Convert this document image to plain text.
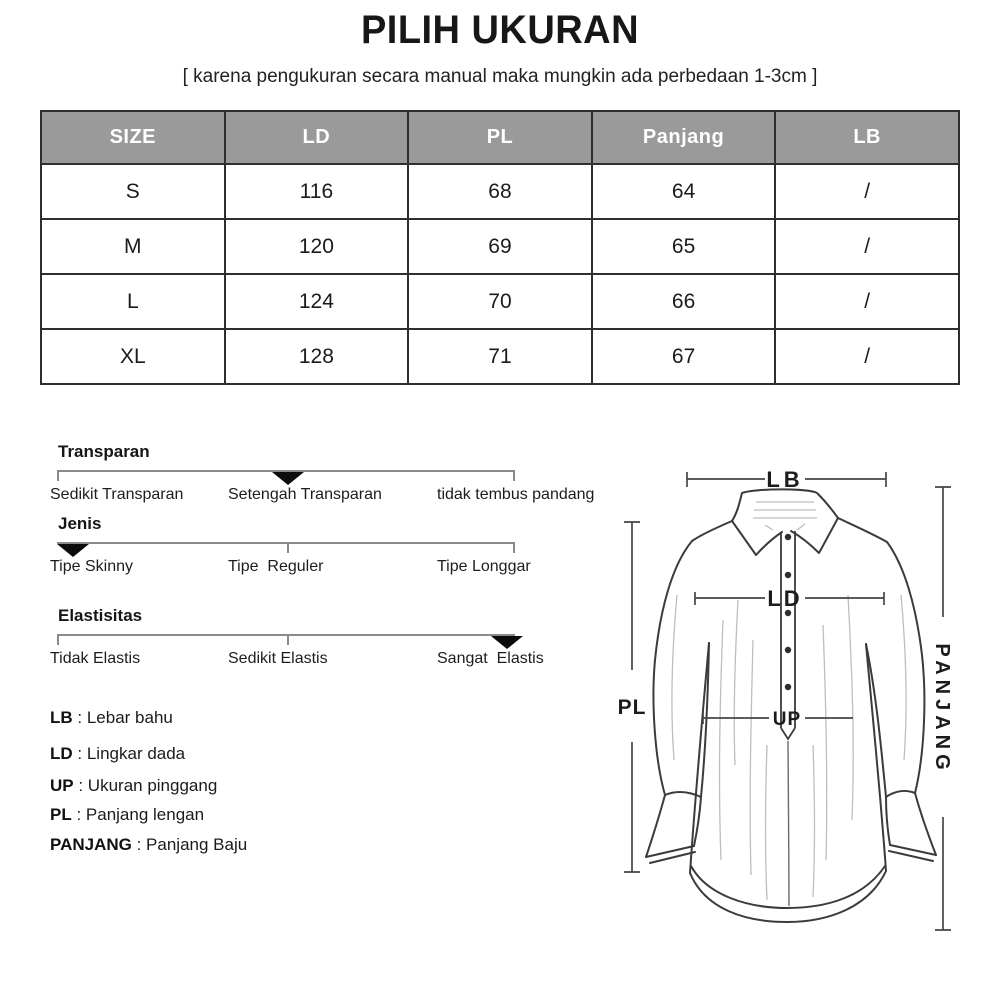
PILIH UKURAN
[ karena pengukuran secara manual maka mungkin ada perbedaan 1-3cm ]
SIZE	LD	PL	Panjang	LB
S	116	68	64	/
M	120	69	65	/
L	124	70	66	/
XL	128	71	67	/
Transparan
Sedikit Transparan	Setengah Transparan	tidak tembus pandang
Jenis
Tipe Skinny	Tipe  Reguler	Tipe Longgar
Elastisitas
Tidak Elastis	Sedikit Elastis	Sangat  Elastis
LB : Lebar bahu
LD : Lingkar dada
UP : Ukuran pinggang
PL : Panjang lengan
PANJANG : Panjang Baju
LB
LD
UP
PL	PANJANG
